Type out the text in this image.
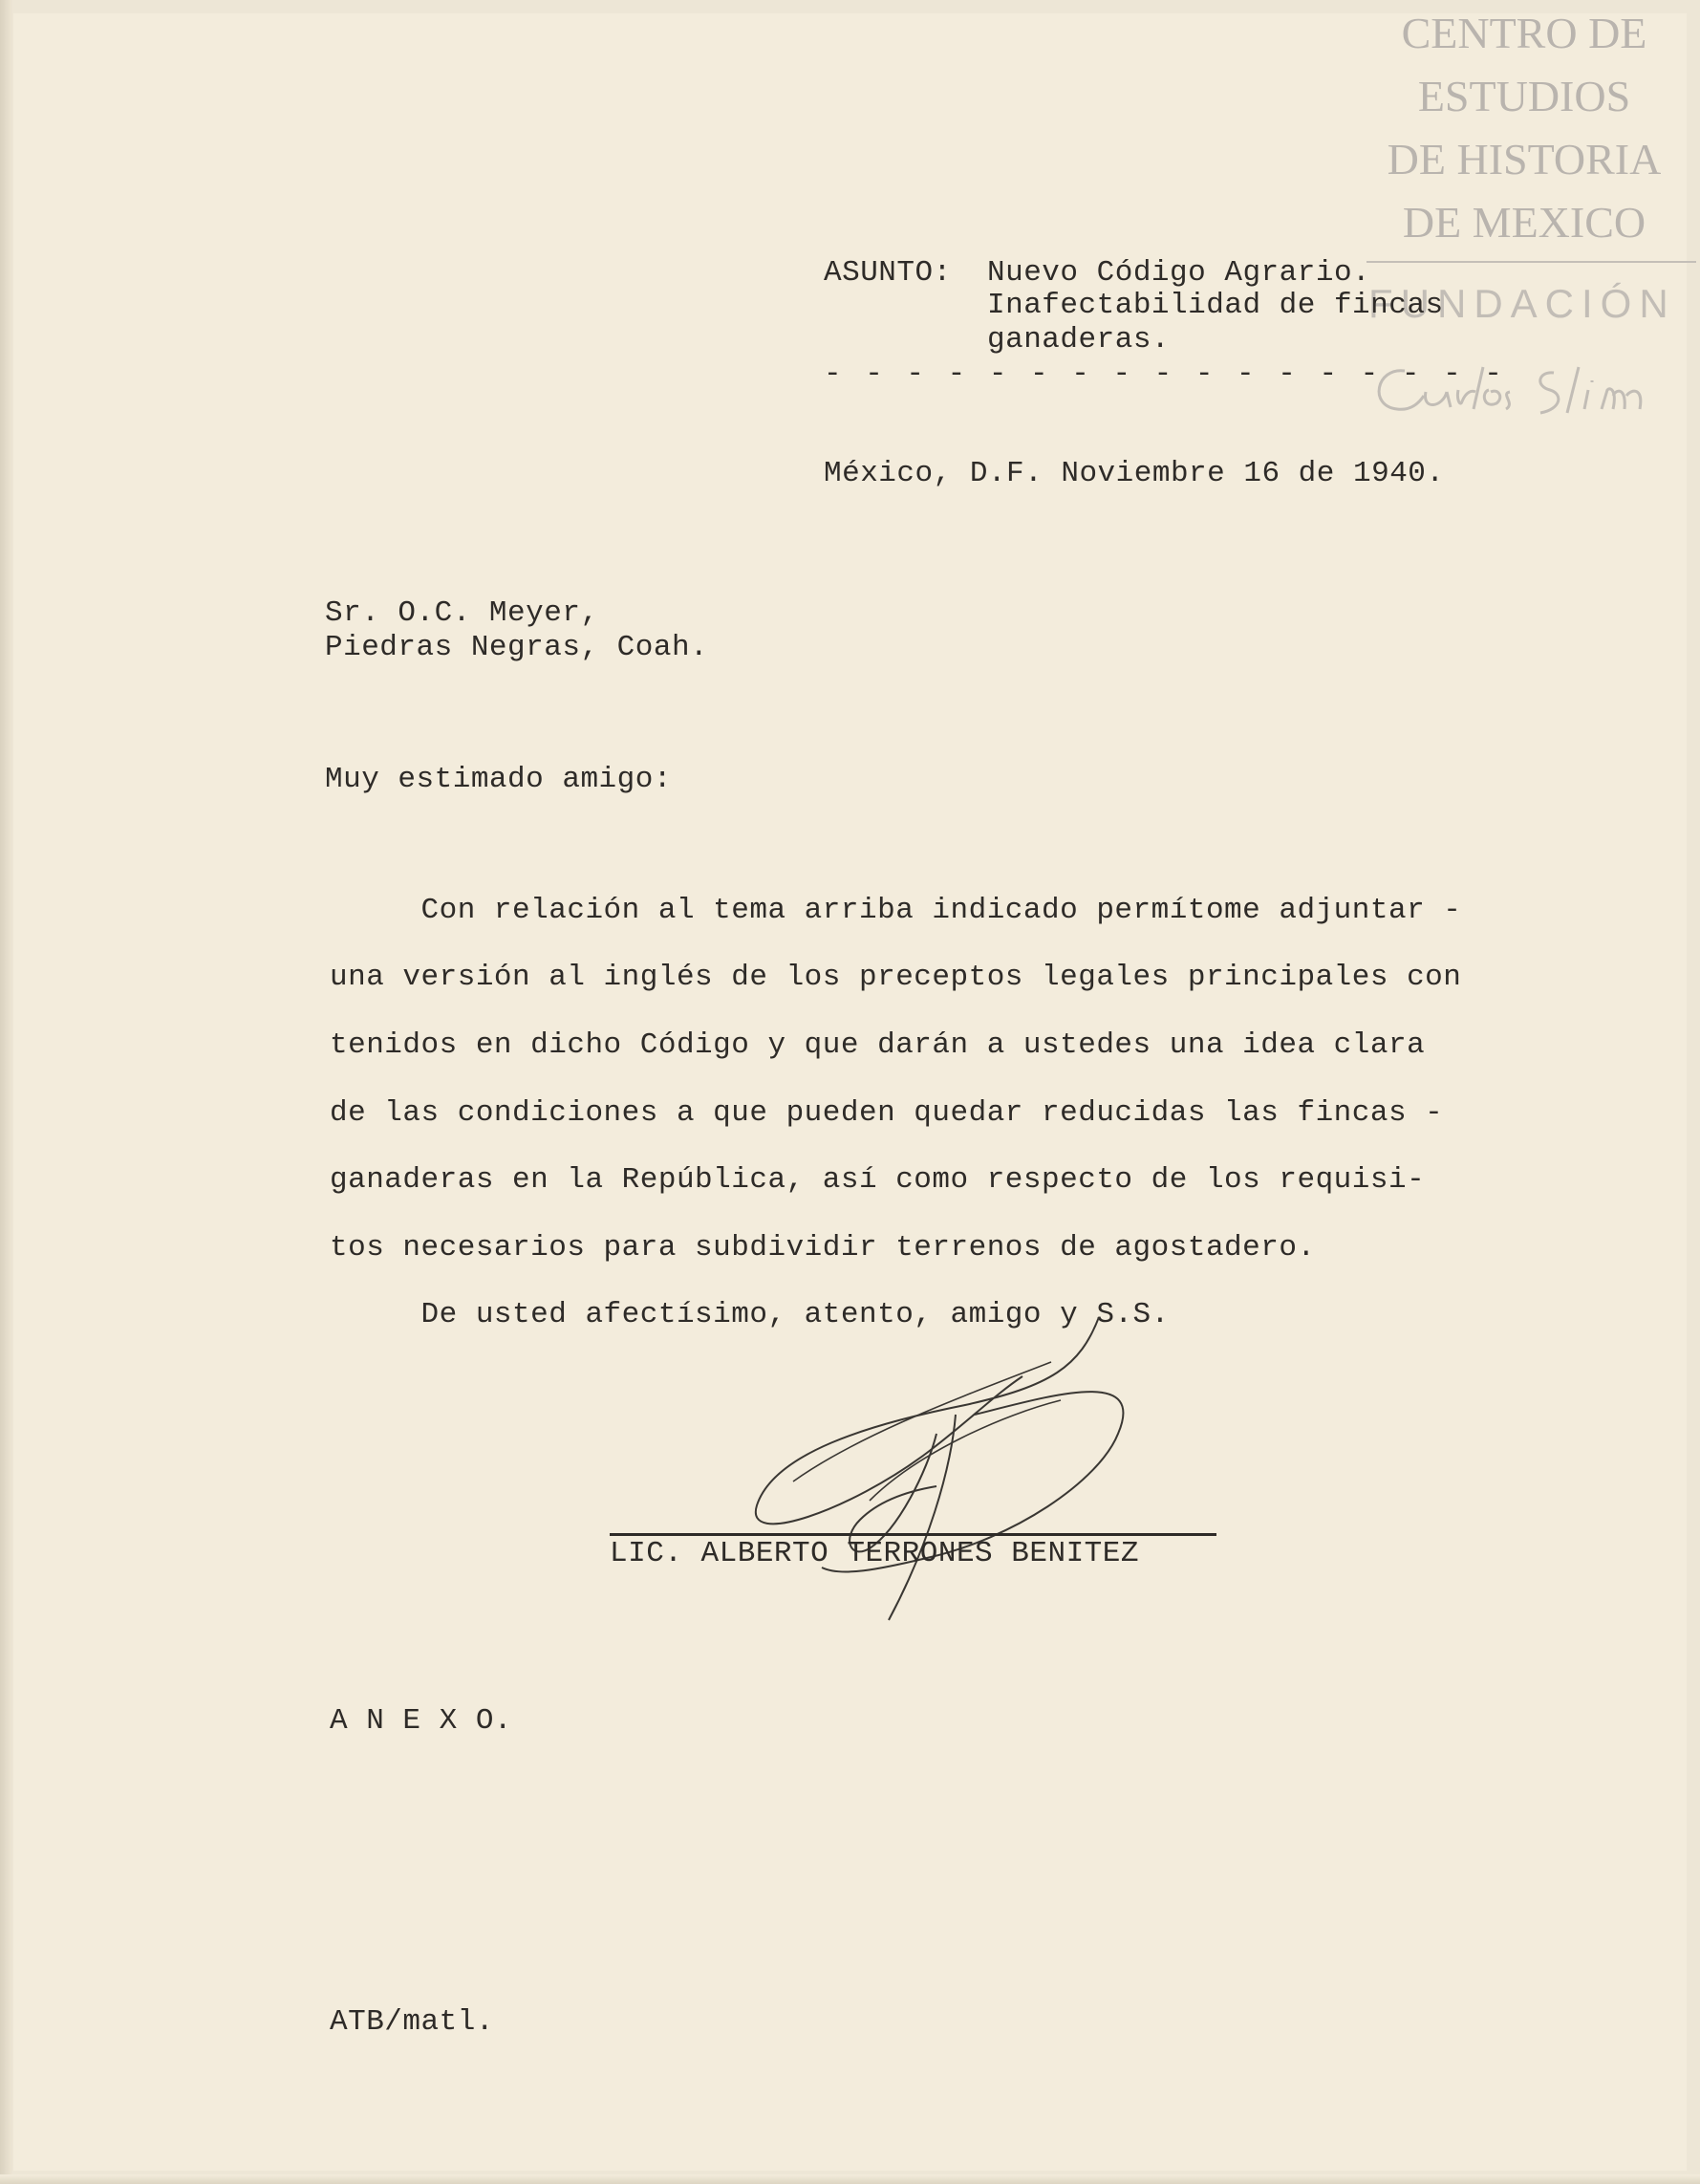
CENTRO DE
ESTUDIOS
DE HISTORIA
DE MEXICO
FUNDACIÓN
ASUNTO: Nuevo Código Agrario.
Inafectabilidad de fincas
ganaderas.
- - - - - - - - - - - - - - - - -
México, D.F. Noviembre 16 de 1940.
Sr. O.C. Meyer,
Piedras Negras, Coah.
Muy estimado amigo:
Con relación al tema arriba indicado permítome adjuntar -
una versión al inglés de los preceptos legales principales con
tenidos en dicho Código y que darán a ustedes una idea clara
de las condiciones a que pueden quedar reducidas las fincas -
ganaderas en la República, así como respecto de los requisi-
tos necesarios para subdividir terrenos de agostadero.
De usted afectísimo, atento, amigo y S.S.
LIC. ALBERTO TERRONES BENITEZ
A N E X O.
ATB/matl.
